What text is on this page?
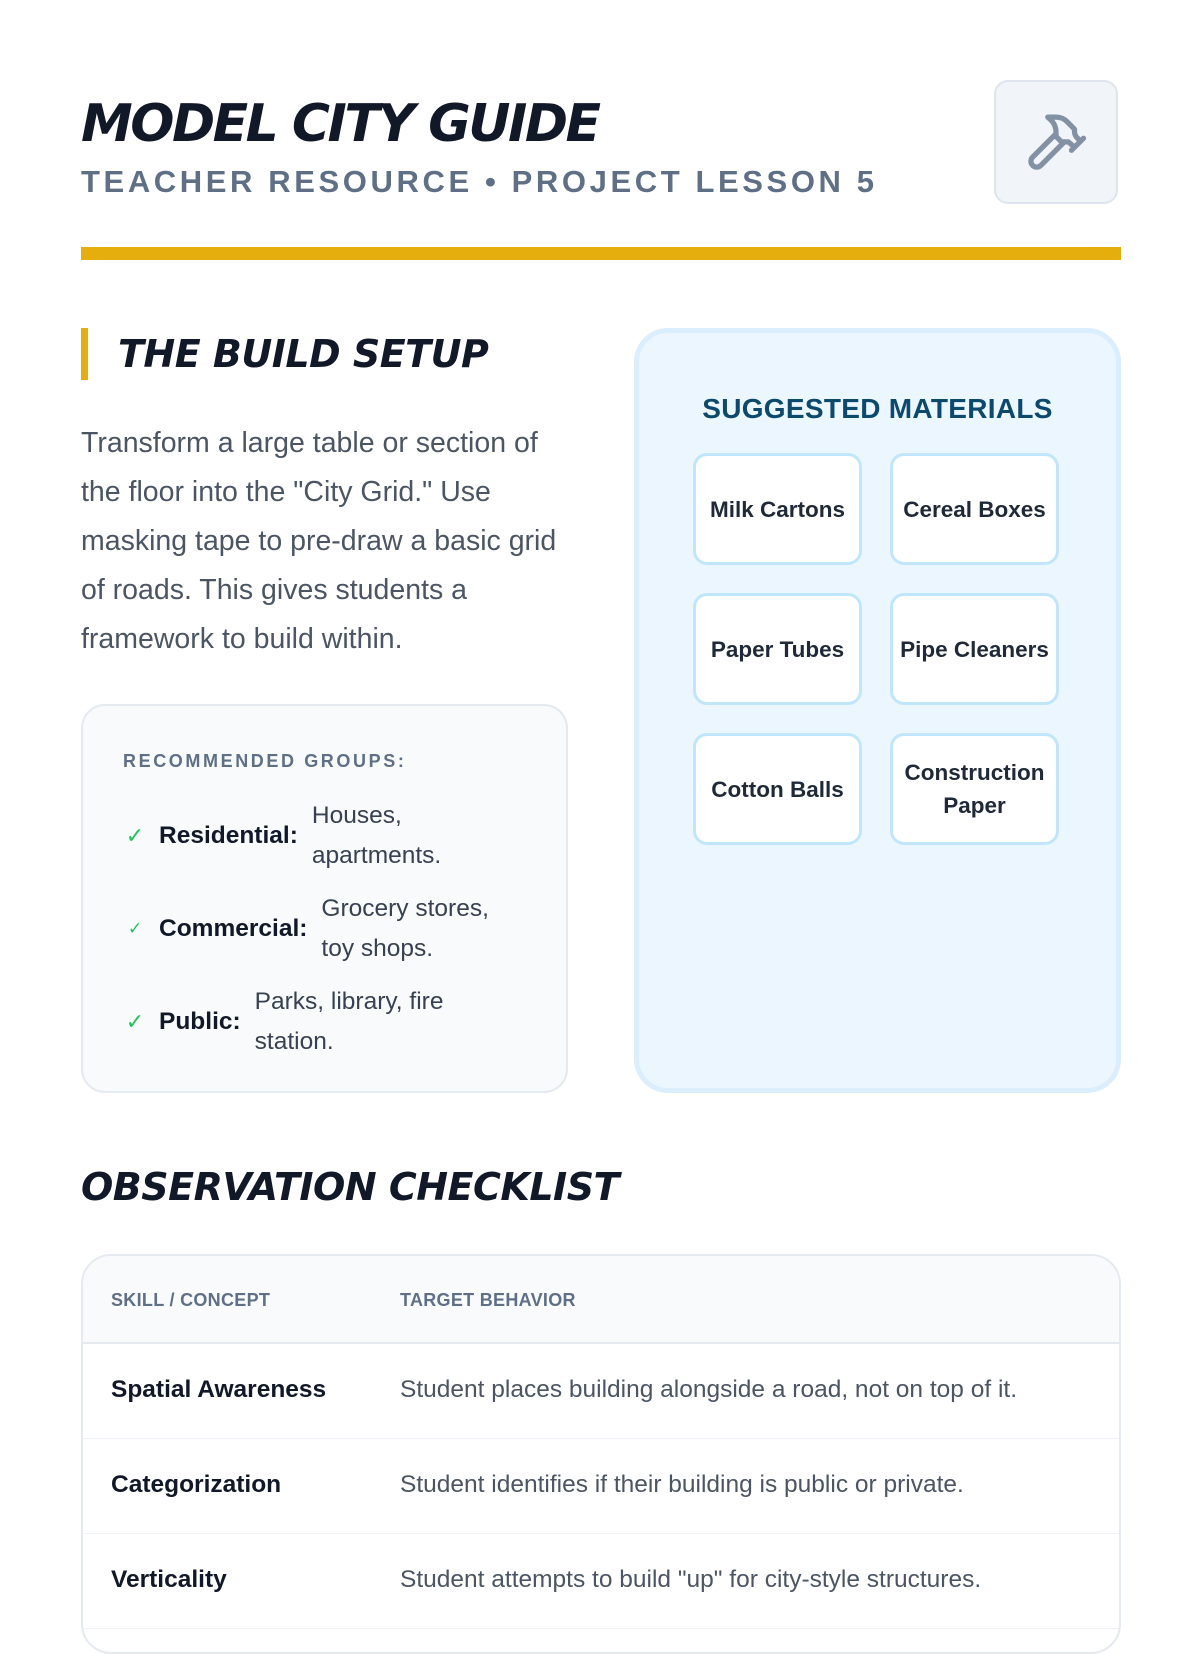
MODEL CITY GUIDE
TEACHER RESOURCE • PROJECT LESSON 5
THE BUILD SETUP

Transform a large table or section of the floor into the "City Grid." Use masking tape to pre-draw a basic grid of roads. This gives students a framework to build within.

RECOMMENDED GROUPS:
✓ Residential:
Houses, apartments.
✓ Commercial:
Grocery stores, toy shops.
✓ Public:
Parks, library, fire station.
SUGGESTED MATERIALS
Milk Cartons	Cereal Boxes
Paper Tubes	Pipe Cleaners
Cotton Balls
Construction Paper
OBSERVATION CHECKLIST
SKILL / CONCEPT	TARGET BEHAVIOR
Spatial Awareness	Student places building alongside a road, not on top of it.
Categorization	Student identifies if their building is public or private.
Verticality	Student attempts to build "up" for city-style structures.
